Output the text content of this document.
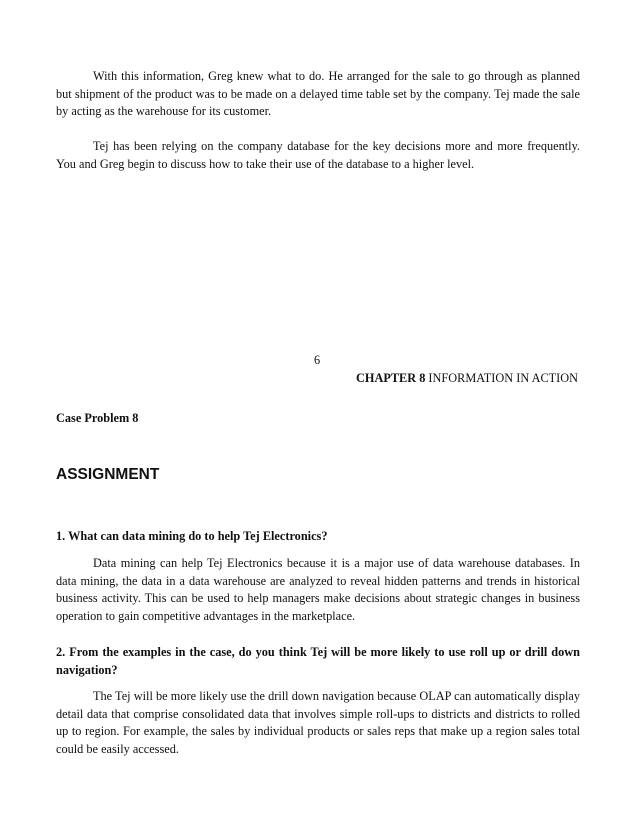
With this information, Greg knew what to do. He arranged for the sale to go through as planned but shipment of the product was to be made on a delayed time table set by the company. Tej made the sale by acting as the warehouse for its customer.

Tej has been relying on the company database for the key decisions more and more frequently. You and Greg begin to discuss how to take their use of the database to a higher level.

6
CHAPTER 8 INFORMATION IN ACTION
Case Problem 8
ASSIGNMENT

1. What can data mining do to help Tej Electronics?

Data mining can help Tej Electronics because it is a major use of data warehouse databases. In data mining, the data in a data warehouse are analyzed to reveal hidden patterns and trends in historical business activity. This can be used to help managers make decisions about strategic changes in business operation to gain competitive advantages in the marketplace.

2. From the examples in the case, do you think Tej will be more likely to use roll up or drill down navigation?

The Tej will be more likely use the drill down navigation because OLAP can automatically display detail data that comprise consolidated data that involves simple roll-ups to districts and districts to rolled up to region. For example, the sales by individual products or sales reps that make up a region sales total could be easily accessed.
